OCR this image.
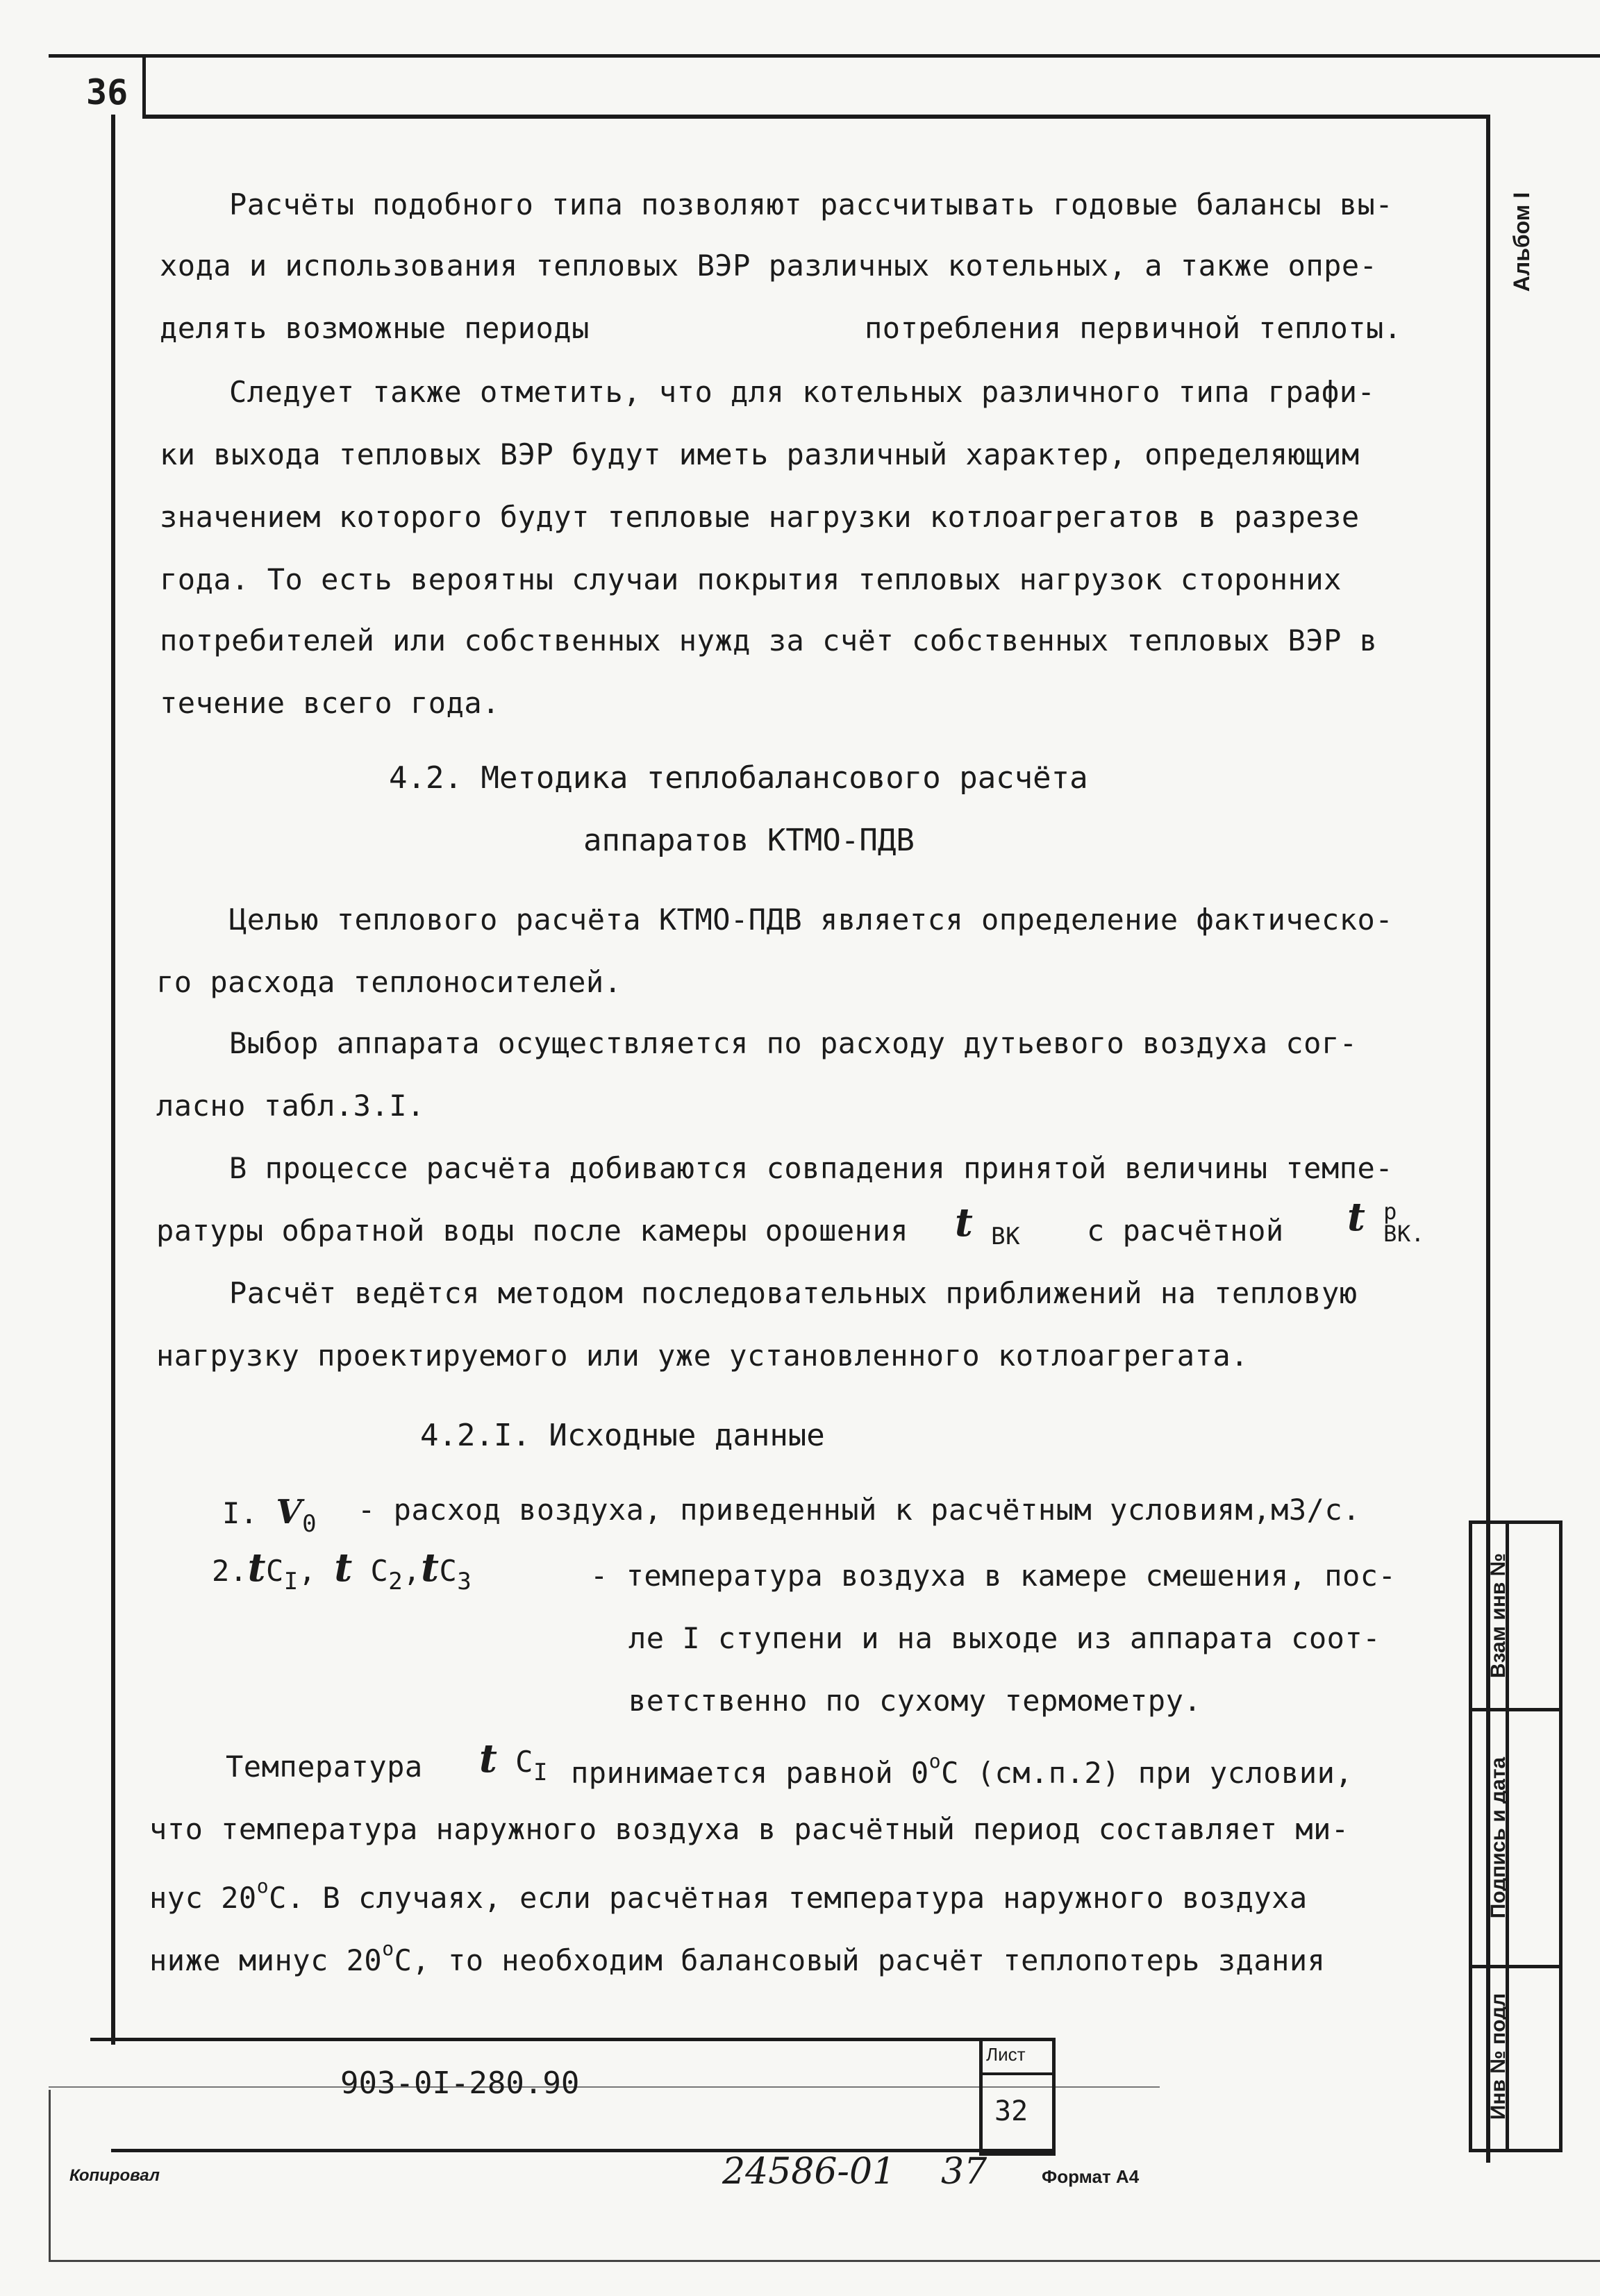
36
Альбом I
Расчёты подобного типа позволяют рассчитывать годовые балансы вы-
хода и использования тепловых ВЭР различных котельных, а также опре-
делять возможные периоды	потребления первичной теплоты.
Следует также отметить, что для котельных различного типа графи-
ки выхода тепловых ВЭР будут иметь различный характер, определяющим
значением которого будут тепловые нагрузки котлоагрегатов в разрезе
года. То есть вероятны случаи покрытия тепловых нагрузок сторонних
потребителей или собственных нужд за счёт собственных тепловых ВЭР в
течение всего года.
4.2. Методика теплобалансового расчёта
аппаратов КТМО-ПДВ
Целью теплового расчёта КТМО-ПДВ является определение фактическо-
го расхода теплоносителей.
Выбор аппарата осуществляется по расходу дутьевого воздуха сог-
ласно табл.3.I.
В процессе расчёта добиваются совпадения принятой величины темпе-
ратуры обратной воды после камеры орошения t $_{ВК}$ с расчётной t р
ВК.
Расчёт ведётся методом последовательных приближений на тепловую
нагрузку проектируемого или уже установленного котлоагрегата.
4.2.I. Исходные данные
I. $V_0$ - расход воздуха, приведенный к расчётным условиям,м3/с.
$2.tC_I$, t $C_2,tC_3$	- температура воздуха в камере смешения, пос-
ле I ступени и на выходе из аппарата соот-
ветственно по сухому термометру.
Температура t $C_I$ принимается равной 0$^o$С (см.п.2) при условии,
что температура наружного воздуха в расчётный период составляет ми-
нус 20$^o$С. В случаях, если расчётная температура наружного воздуха
ниже минус 20$^o$С, то необходим балансовый расчёт теплопотерь здания
Взам инв №
Подпись и дата
Инв № подл
Лист
32
903-0I-280.90
Копировал	24586-01 37	Формат А4
